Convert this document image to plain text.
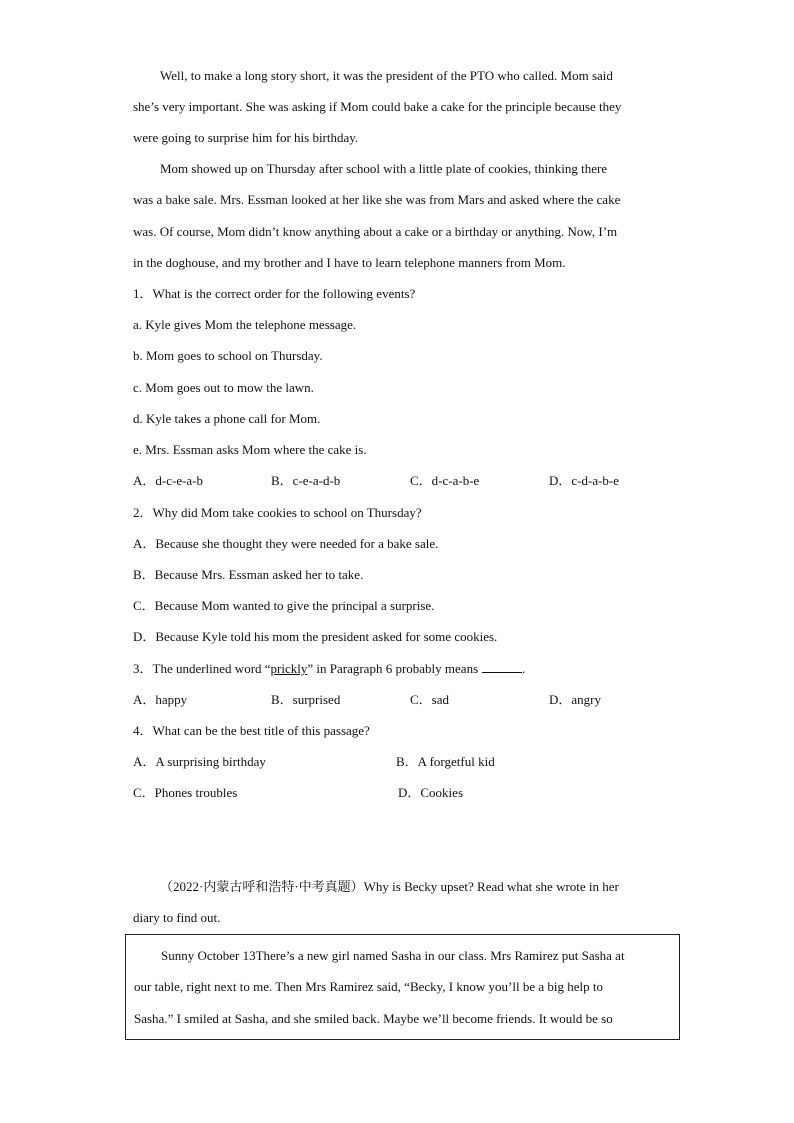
Well, to make a long story short, it was the president of the PTO who called. Mom said
she’s very important. She was asking if Mom could bake a cake for the principle because they
were going to surprise him for his birthday.
Mom showed up on Thursday after school with a little plate of cookies, thinking there
was a bake sale. Mrs. Essman looked at her like she was from Mars and asked where the cake
was. Of course, Mom didn’t know anything about a cake or a birthday or anything. Now, I’m
in the doghouse, and my brother and I have to learn telephone manners from Mom.
1．What is the correct order for the following events?
a. Kyle gives Mom the telephone message.
b. Mom goes to school on Thursday.
c. Mom goes out to mow the lawn.
d. Kyle takes a phone call for Mom.
e. Mrs. Essman asks Mom where the cake is.
A．d-c-e-a-b	B．c-e-a-d-b	C．d-c-a-b-e	D．c-d-a-b-e
2．Why did Mom take cookies to school on Thursday?
A．Because she thought they were needed for a bake sale.
B．Because Mrs. Essman asked her to take.
C．Because Mom wanted to give the principal a surprise.
D．Because Kyle told his mom the president asked for some cookies.
3．The underlined word “prickly” in Paragraph 6 probably means	.
A．happy	B．surprised	C．sad	D．angry
4．What can be the best title of this passage?
A．A surprising birthday	B．A forgetful kid
C．Phones troubles	D．Cookies
（2022·内蒙古呼和浩特·中考真题）Why is Becky upset? Read what she wrote in her
diary to find out.
Sunny October 13There’s a new girl named Sasha in our class. Mrs Ramirez put Sasha at
our table, right next to me. Then Mrs Ramirez said, “Becky, I know you’ll be a big help to
Sasha.” I smiled at Sasha, and she smiled back. Maybe we’ll become friends. It would be so
